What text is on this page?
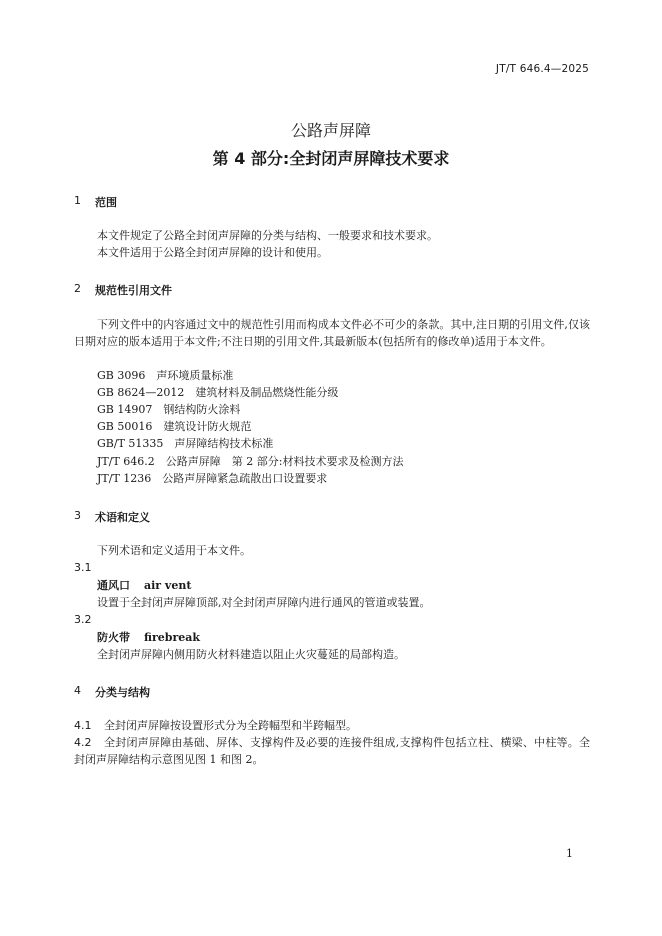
JT/T 646.4—2025
公路声屏障
第 4 部分:全封闭声屏障技术要求
1 范围
本文件规定了公路全封闭声屏障的分类与结构、一般要求和技术要求。
本文件适用于公路全封闭声屏障的设计和使用。
2 规范性引用文件
下列文件中的内容通过文中的规范性引用而构成本文件必不可少的条款。其中,注日期的引用文件,仅该日期对应的版本适用于本文件;不注日期的引用文件,其最新版本(包括所有的修改单)适用于本文件。
GB 3096　声环境质量标准
GB 8624—2012　建筑材料及制品燃烧性能分级
GB 14907　钢结构防火涂料
GB 50016　建筑设计防火规范
GB/T 51335　声屏障结构技术标准
JT/T 646.2　公路声屏障　第 2 部分:材料技术要求及检测方法
JT/T 1236　公路声屏障紧急疏散出口设置要求
3 术语和定义
下列术语和定义适用于本文件。
3.1
通风口 air vent
设置于全封闭声屏障顶部,对全封闭声屏障内进行通风的管道或装置。
3.2
防火带 firebreak
全封闭声屏障内侧用防火材料建造以阻止火灾蔓延的局部构造。
4 分类与结构
4.1 全封闭声屏障按设置形式分为全跨幅型和半跨幅型。
4.2	全封闭声屏障由基础、屏体、支撑构件及必要的连接件组成,支撑构件包括立柱、横梁、中柱等。全封闭声屏障结构示意图见图 1 和图 2。
1
